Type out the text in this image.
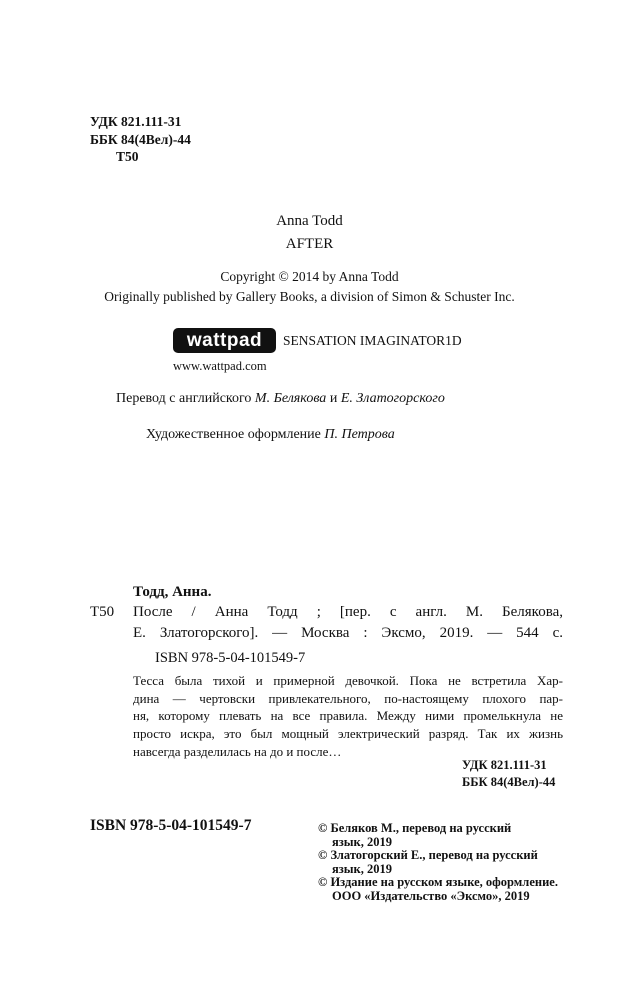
УДК 821.111-31
ББК 84(4Вел)-44
Т50
Anna Todd
AFTER
Copyright © 2014 by Anna Todd
Originally published by Gallery Books, a division of Simon & Schuster Inc.
wattpad	SENSATION IMAGINATOR1D
www.wattpad.com
Перевод с английского М. Белякова и Е. Златогорского
Художественное оформление П. Петрова
Тодд, Анна.
Т50 После / Анна Тодд ; [пер. с англ. М. Белякова,
Е. Златогорского]. — Москва : Эксмо, 2019. — 544 с.
ISBN 978-5-04-101549-7
Тесса была тихой и примерной девочкой. Пока не встретила Хар-
дина — чертовски привлекательного, по-настоящему плохого пар-
ня, которому плевать на все правила. Между ними промелькнула не
просто искра, это был мощный электрический разряд. Так их жизнь
навсегда разделилась на до и после…
УДК 821.111-31
ББК 84(4Вел)-44
ISBN 978-5-04-101549-7	© Беляков М., перевод на русский
язык, 2019
© Златогорский Е., перевод на русский
язык, 2019
© Издание на русском языке, оформление.
ООО «Издательство «Эксмо», 2019
